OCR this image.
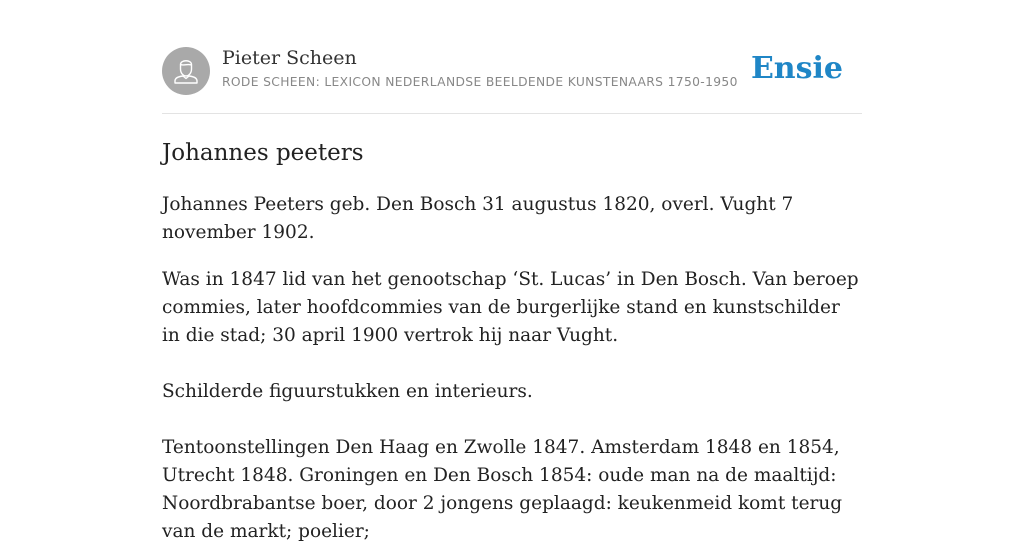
Pieter Scheen
RODE SCHEEN: LEXICON NEDERLANDSE BEELDENDE KUNSTENAARS 1750-1950 Ensie
Johannes peeters

Johannes Peeters geb. Den Bosch 31 augustus 1820, overl. Vught 7 november 1902.

Was in 1847 lid van het genootschap ‘St. Lucas’ in Den Bosch. Van beroep commies, later hoofdcommies van de burgerlijke stand en kunstschilder in die stad; 30 april 1900 vertrok hij naar Vught.

Schilderde figuurstukken en interieurs.

Tentoonstellingen Den Haag en Zwolle 1847. Amsterdam 1848 en 1854, Utrecht 1848. Groningen en Den Bosch 1854: oude man na de maaltijd: Noordbrabantse boer, door 2 jongens geplaagd: keukenmeid komt terug van de markt; poelier;
